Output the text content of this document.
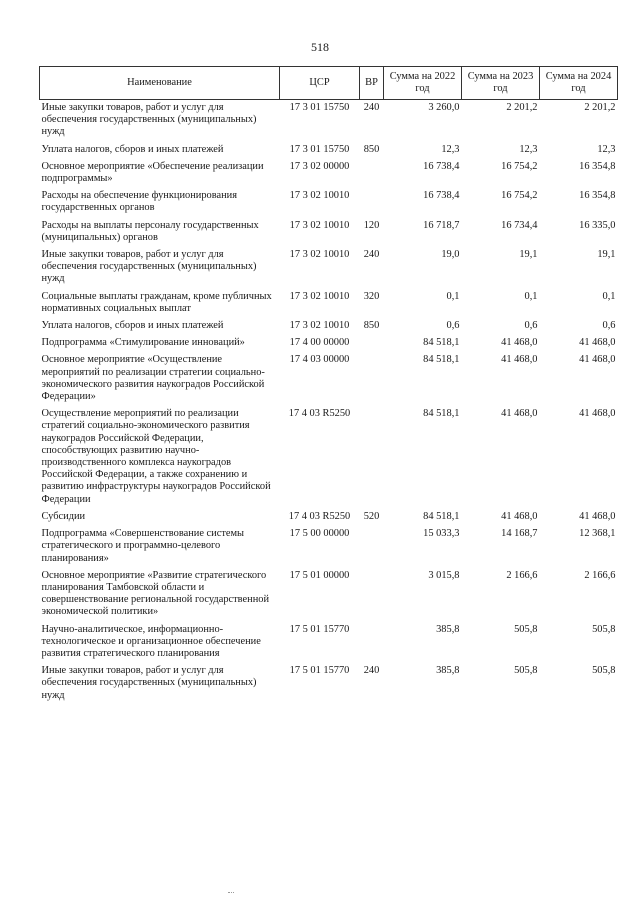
518
Наименование	ЦСР	ВР	Сумма на 2022 год	Сумма на 2023 год	Сумма на 2024 год
Иные закупки товаров, работ и услуг для обеспечения государственных (муниципальных) нужд	17 3 01 15750	240	3 260,0	2 201,2	2 201,2
Уплата налогов, сборов и иных платежей	17 3 01 15750	850	12,3	12,3	12,3
Основное мероприятие «Обеспечение реализации подпрограммы»	17 3 02 00000		16 738,4	16 754,2	16 354,8
Расходы на обеспечение функционирования государственных органов	17 3 02 10010		16 738,4	16 754,2	16 354,8
Расходы на выплаты персоналу государственных (муниципальных) органов	17 3 02 10010	120	16 718,7	16 734,4	16 335,0
Иные закупки товаров, работ и услуг для обеспечения государственных (муниципальных) нужд	17 3 02 10010	240	19,0	19,1	19,1
Социальные выплаты гражданам, кроме публичных нормативных социальных выплат	17 3 02 10010	320	0,1	0,1	0,1
Уплата налогов, сборов и иных платежей	17 3 02 10010	850	0,6	0,6	0,6
Подпрограмма «Стимулирование инноваций»	17 4 00 00000		84 518,1	41 468,0	41 468,0
Основное мероприятие «Осуществление мероприятий по реализации стратегии социально-экономического развития наукоградов Российской Федерации»	17 4 03 00000		84 518,1	41 468,0	41 468,0
Осуществление мероприятий по реализации стратегий социально-экономического развития наукоградов Российской Федерации, способствующих развитию научно-производственного комплекса наукоградов Российской Федерации, а также сохранению и развитию инфраструктуры наукоградов Российской Федерации	17 4 03 R5250		84 518,1	41 468,0	41 468,0
Субсидии	17 4 03 R5250	520	84 518,1	41 468,0	41 468,0
Подпрограмма «Совершенствование системы стратегического и программно-целевого планирования»	17 5 00 00000		15 033,3	14 168,7	12 368,1
Основное мероприятие «Развитие стратегического планирования Тамбовской области и совершенствование региональной государственной экономической политики»	17 5 01 00000		3 015,8	2 166,6	2 166,6
Научно-аналитическое, информационно-технологическое и организационное обеспечение развития стратегического планирования	17 5 01 15770		385,8	505,8	505,8
Иные закупки товаров, работ и услуг для обеспечения государственных (муниципальных) нужд	17 5 01 15770	240	385,8	505,8	505,8
